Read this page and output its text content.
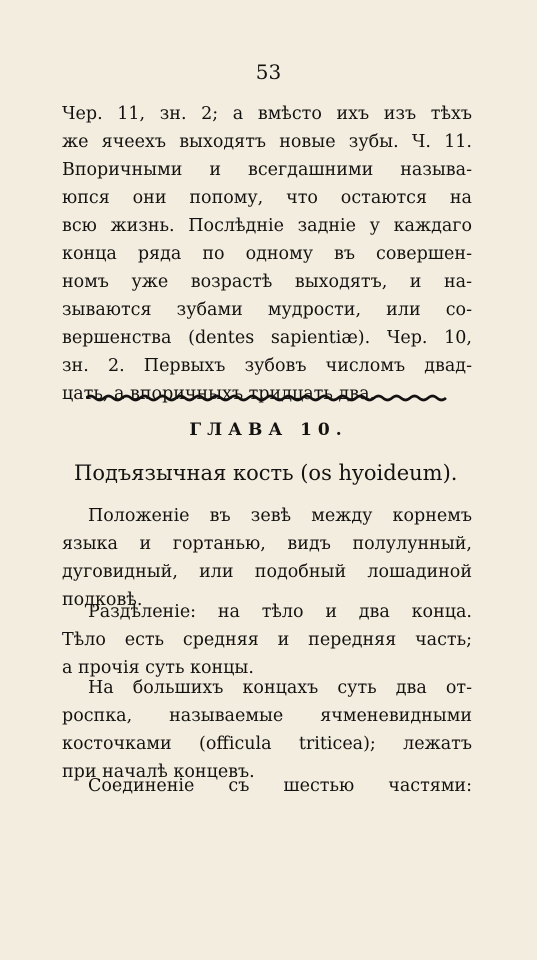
53
Чер. 11, зн. 2; а вмѣсто ихъ изъ тѣхъ
же ячеехъ выходятъ новые зубы. Ч. 11.
Впоричными и всегдашними называ-
юпся они попому, что остаются на
всю жизнь. Послѣдніе задніе у каждаго
конца ряда по одному въ совершен-
номъ уже возрастѣ выходятъ, и на-
зываются зубами мудрости, или со-
вершенства (dentes sapientiæ). Чер. 10,
зн. 2. Первыхъ зубовъ числомъ двад-
цать, а впоричныхъ тридцать два.
ГЛАВА 10.
Подъязычная кость (os hyoideum).
Положеніе въ зевѣ между корнемъ
языка и гортанью, видъ полулунный,
дуговидный, или подобный лошадиной
подковѣ.
Раздѣленіе: на тѣло и два конца.
Тѣло есть средняя и передняя часть;
а прочія суть концы.
На большихъ концахъ суть два от-
роспка, называемые ячменевидными
косточками (officula triticea); лежатъ
при началѣ концевъ.
Соединеніе съ шестью частями:
